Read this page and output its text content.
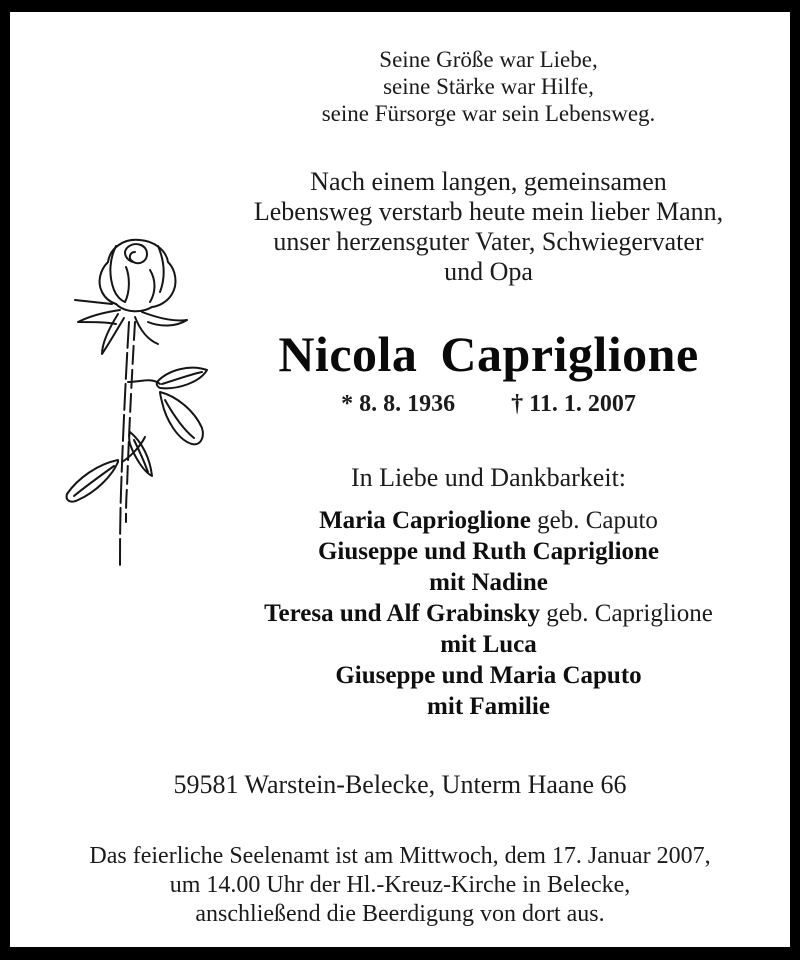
Seine Größe war Liebe,
seine Stärke war Hilfe,
seine Fürsorge war sein Lebensweg.
Nach einem langen, gemeinsamen
Lebensweg verstarb heute mein lieber Mann,
unser herzensguter Vater, Schwiegervater
und Opa
Nicola Capriglione
* 8. 8. 1936 † 11. 1. 2007
In Liebe und Dankbarkeit:
Maria Caprioglione geb. Caputo
Giuseppe und Ruth Capriglione
mit Nadine
Teresa und Alf Grabinsky geb. Capriglione
mit Luca
Giuseppe und Maria Caputo
mit Familie
59581 Warstein-Belecke, Unterm Haane 66
Das feierliche Seelenamt ist am Mittwoch, dem 17. Januar 2007,
um 14.00 Uhr der Hl.-Kreuz-Kirche in Belecke,
anschließend die Beerdigung von dort aus.
